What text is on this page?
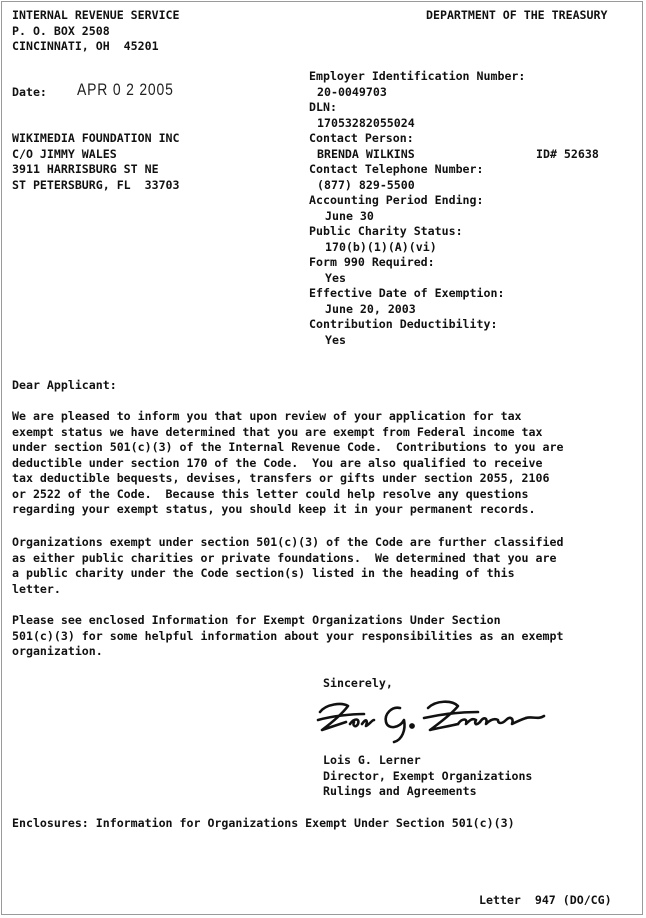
INTERNAL REVENUE SERVICE
P. O. BOX 2508
CINCINNATI, OH  45201
DEPARTMENT OF THE TREASURY
Date: APR 0 2 2005
WIKIMEDIA FOUNDATION INC
C/O JIMMY WALES
3911 HARRISBURG ST NE
ST PETERSBURG, FL  33703
Employer Identification Number:
20-0049703
DLN:
17053282055024
Contact Person:
BRENDA WILKINS	ID# 52638
Contact Telephone Number:
(877) 829-5500
Accounting Period Ending:
June 30
Public Charity Status:
170(b)(1)(A)(vi)
Form 990 Required:
Yes
Effective Date of Exemption:
June 20, 2003
Contribution Deductibility:
Yes
Dear Applicant:
We are pleased to inform you that upon review of your application for tax
exempt status we have determined that you are exempt from Federal income tax
under section 501(c)(3) of the Internal Revenue Code.  Contributions to you are
deductible under section 170 of the Code.  You are also qualified to receive
tax deductible bequests, devises, transfers or gifts under section 2055, 2106
or 2522 of the Code.  Because this letter could help resolve any questions
regarding your exempt status, you should keep it in your permanent records.
Organizations exempt under section 501(c)(3) of the Code are further classified
as either public charities or private foundations.  We determined that you are
a public charity under the Code section(s) listed in the heading of this
letter.
Please see enclosed Information for Exempt Organizations Under Section
501(c)(3) for some helpful information about your responsibilities as an exempt
organization.
Sincerely,
Lois G. Lerner
Director, Exempt Organizations
Rulings and Agreements
Enclosures: Information for Organizations Exempt Under Section 501(c)(3)
Letter  947 (DO/CG)
